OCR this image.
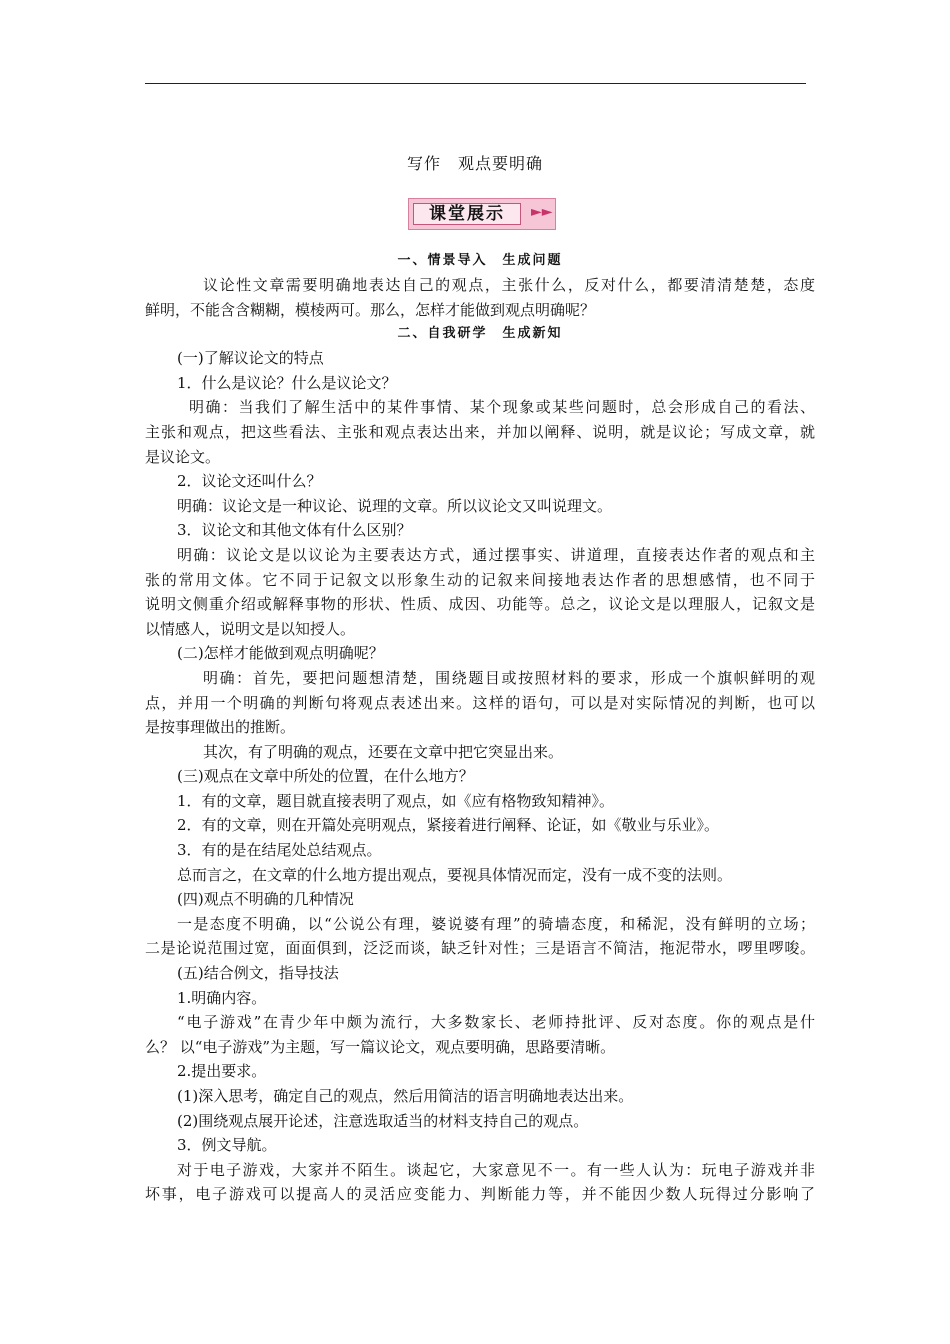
写作　观点要明确
课堂展示	►►
一、情景导入　生成问题

议论性文章需要明确地表达自己的观点，主张什么，反对什么，都要清清楚楚，态度

鲜明，不能含含糊糊，模棱两可。那么，怎样才能做到观点明确呢？

二、自我研学　生成新知

(一)了解议论文的特点

1．什么是议论？什么是议论文？

明确：当我们了解生活中的某件事情、某个现象或某些问题时，总会形成自己的看法、

主张和观点，把这些看法、主张和观点表达出来，并加以阐释、说明，就是议论；写成文章，就

是议论文。

2．议论文还叫什么？

明确：议论文是一种议论、说理的文章。所以议论文又叫说理文。

3．议论文和其他文体有什么区别？

明确：议论文是以议论为主要表达方式，通过摆事实、讲道理，直接表达作者的观点和主

张的常用文体。它不同于记叙文以形象生动的记叙来间接地表达作者的思想感情，也不同于

说明文侧重介绍或解释事物的形状、性质、成因、功能等。总之，议论文是以理服人，记叙文是

以情感人，说明文是以知授人。

(二)怎样才能做到观点明确呢？

明确：首先，要把问题想清楚，围绕题目或按照材料的要求，形成一个旗帜鲜明的观

点，并用一个明确的判断句将观点表述出来。这样的语句，可以是对实际情况的判断，也可以

是按事理做出的推断。

其次，有了明确的观点，还要在文章中把它突显出来。

(三)观点在文章中所处的位置，在什么地方？

1．有的文章，题目就直接表明了观点，如《应有格物致知精神》。

2．有的文章，则在开篇处亮明观点，紧接着进行阐释、论证，如《敬业与乐业》。

3．有的是在结尾处总结观点。

总而言之，在文章的什么地方提出观点，要视具体情况而定，没有一成不变的法则。

(四)观点不明确的几种情况

一是态度不明确，以“公说公有理，婆说婆有理”的骑墙态度，和稀泥，没有鲜明的立场；

二是论说范围过宽，面面俱到，泛泛而谈，缺乏针对性；三是语言不简洁，拖泥带水，啰里啰唆。

(五)结合例文，指导技法

1.明确内容。

“电子游戏”在青少年中颇为流行，大多数家长、老师持批评、反对态度。你的观点是什

么？ 以“电子游戏”为主题，写一篇议论文，观点要明确，思路要清晰。

2.提出要求。

(1)深入思考，确定自己的观点，然后用简洁的语言明确地表达出来。

(2)围绕观点展开论述，注意选取适当的材料支持自己的观点。

3．例文导航。

对于电子游戏，大家并不陌生。谈起它，大家意见不一。有一些人认为：玩电子游戏并非

坏事，电子游戏可以提高人的灵活应变能力、判断能力等，并不能因少数人玩得过分影响了
